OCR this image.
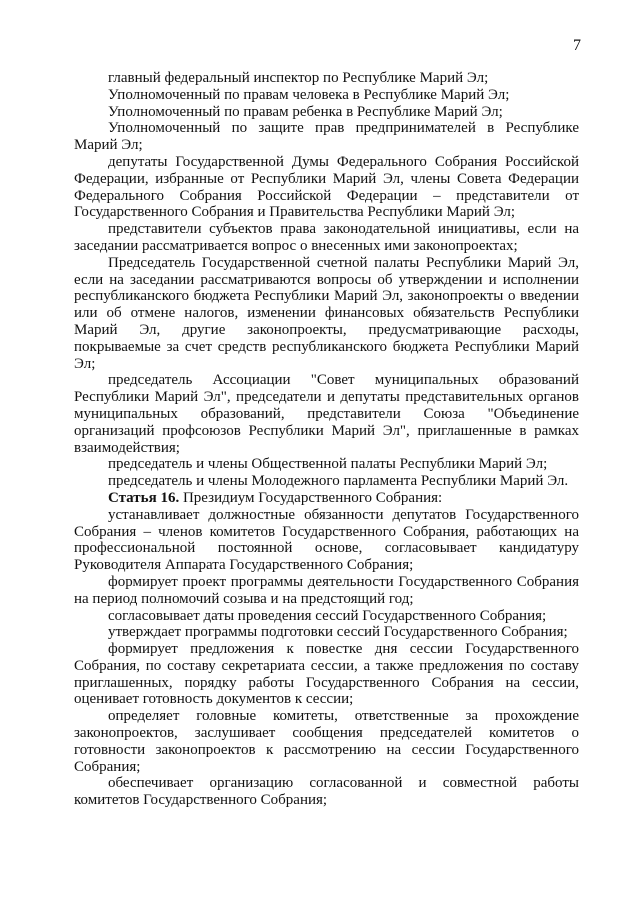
7

главный федеральный инспектор по Республике Марий Эл;

Уполномоченный по правам человека в Республике Марий Эл;

Уполномоченный по правам ребенка в Республике Марий Эл;

Уполномоченный по защите прав предпринимателей в Республике Марий Эл;

депутаты Государственной Думы Федерального Собрания Российской Федерации, избранные от Республики Марий Эл, члены Совета Федерации Федерального Собрания Российской Федерации – представители от Государственного Собрания и Правительства Республики Марий Эл;

представители субъектов права законодательной инициативы, если на заседании рассматривается вопрос о внесенных ими законопроектах;

Председатель Государственной счетной палаты Республики Марий Эл, если на заседании рассматриваются вопросы об утверждении и исполнении республиканского бюджета Республики Марий Эл, законопроекты о введении или об отмене налогов, изменении финансовых обязательств Республики Марий Эл, другие законопроекты, предусматривающие расходы, покрываемые за счет средств республиканского бюджета Республики Марий Эл;

председатель Ассоциации "Совет муниципальных образований Республики Марий Эл", председатели и депутаты представительных органов муниципальных образований, представители Союза "Объединение организаций профсоюзов Республики Марий Эл", приглашенные в рамках взаимодействия;

председатель и члены Общественной палаты Республики Марий Эл;

председатель и члены Молодежного парламента Республики Марий Эл.

Статья 16. Президиум Государственного Собрания:

устанавливает должностные обязанности депутатов Государственного Собрания – членов комитетов Государственного Собрания, работающих на профессиональной постоянной основе, согласовывает кандидатуру Руководителя Аппарата Государственного Собрания;

формирует проект программы деятельности Государственного Собрания на период полномочий созыва и на предстоящий год;

согласовывает даты проведения сессий Государственного Собрания;

утверждает программы подготовки сессий Государственного Собрания;

формирует предложения к повестке дня сессии Государственного Собрания, по составу секретариата сессии, а также предложения по составу приглашенных, порядку работы Государственного Собрания на сессии, оценивает готовность документов к сессии;

определяет головные комитеты, ответственные за прохождение законопроектов, заслушивает сообщения председателей комитетов о готовности законопроектов к рассмотрению на сессии Государственного Собрания;

обеспечивает организацию согласованной и совместной работы комитетов Государственного Собрания;
